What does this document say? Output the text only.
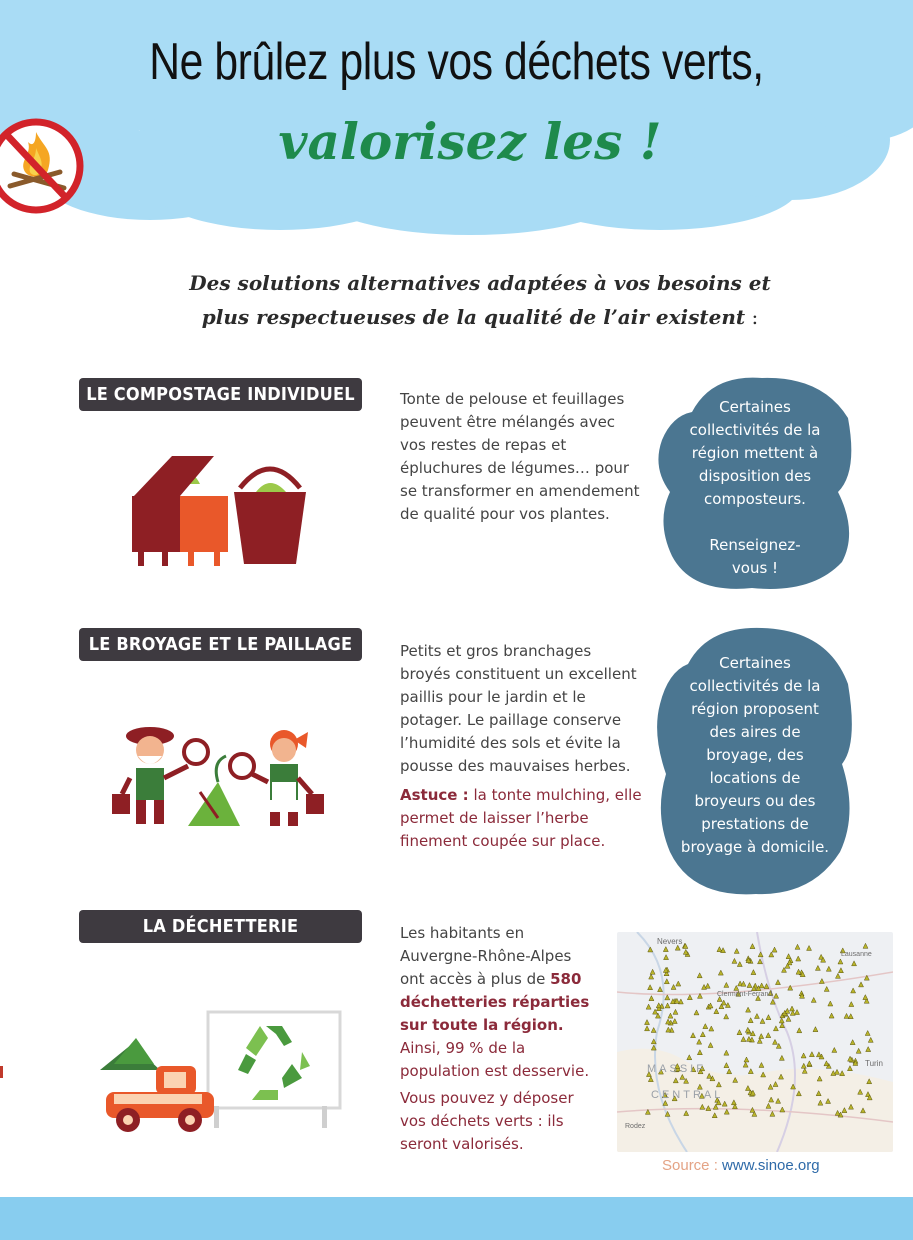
Ne brûlez plus vos déchets verts,
valorisez les !
Des solutions alternatives adaptées à vos besoins et
plus respectueuses de la qualité de l’air existent :
LE COMPOSTAGE INDIVIDUEL	Tonte de pelouse et feuillages peuvent être mélangés avec vos restes de repas et épluchures de légumes… pour se transformer en amendement de qualité pour vos plantes.
Certaines collectivités de la région mettent à disposition des composteurs.
Renseignez-vous !
LE BROYAGE ET LE PAILLAGE	Petits et gros branchages broyés constituent un excellent paillis pour le jardin et le potager. Le paillage conserve l’humidité des sols et évite la pousse des mauvaises herbes.
Astuce : la tonte mulching, elle permet de laisser l’herbe finement coupée sur place.
Certaines collectivités de la région proposent des aires de broyage, des locations de broyeurs ou des prestations de broyage à domicile.
LA DÉCHETTERIE	Les habitants en Auvergne-Rhône-Alpes ont accès à plus de 580 déchetteries réparties sur toute la région. Ainsi, 99 % de la population est desservie.
Vous pouvez y déposer vos déchets verts : ils seront valorisés.
Nevers
Clermont-Ferrand
MASSIF
CENTRAL
Lausanne
Turin
Rodez
Source : www.sinoe.org
